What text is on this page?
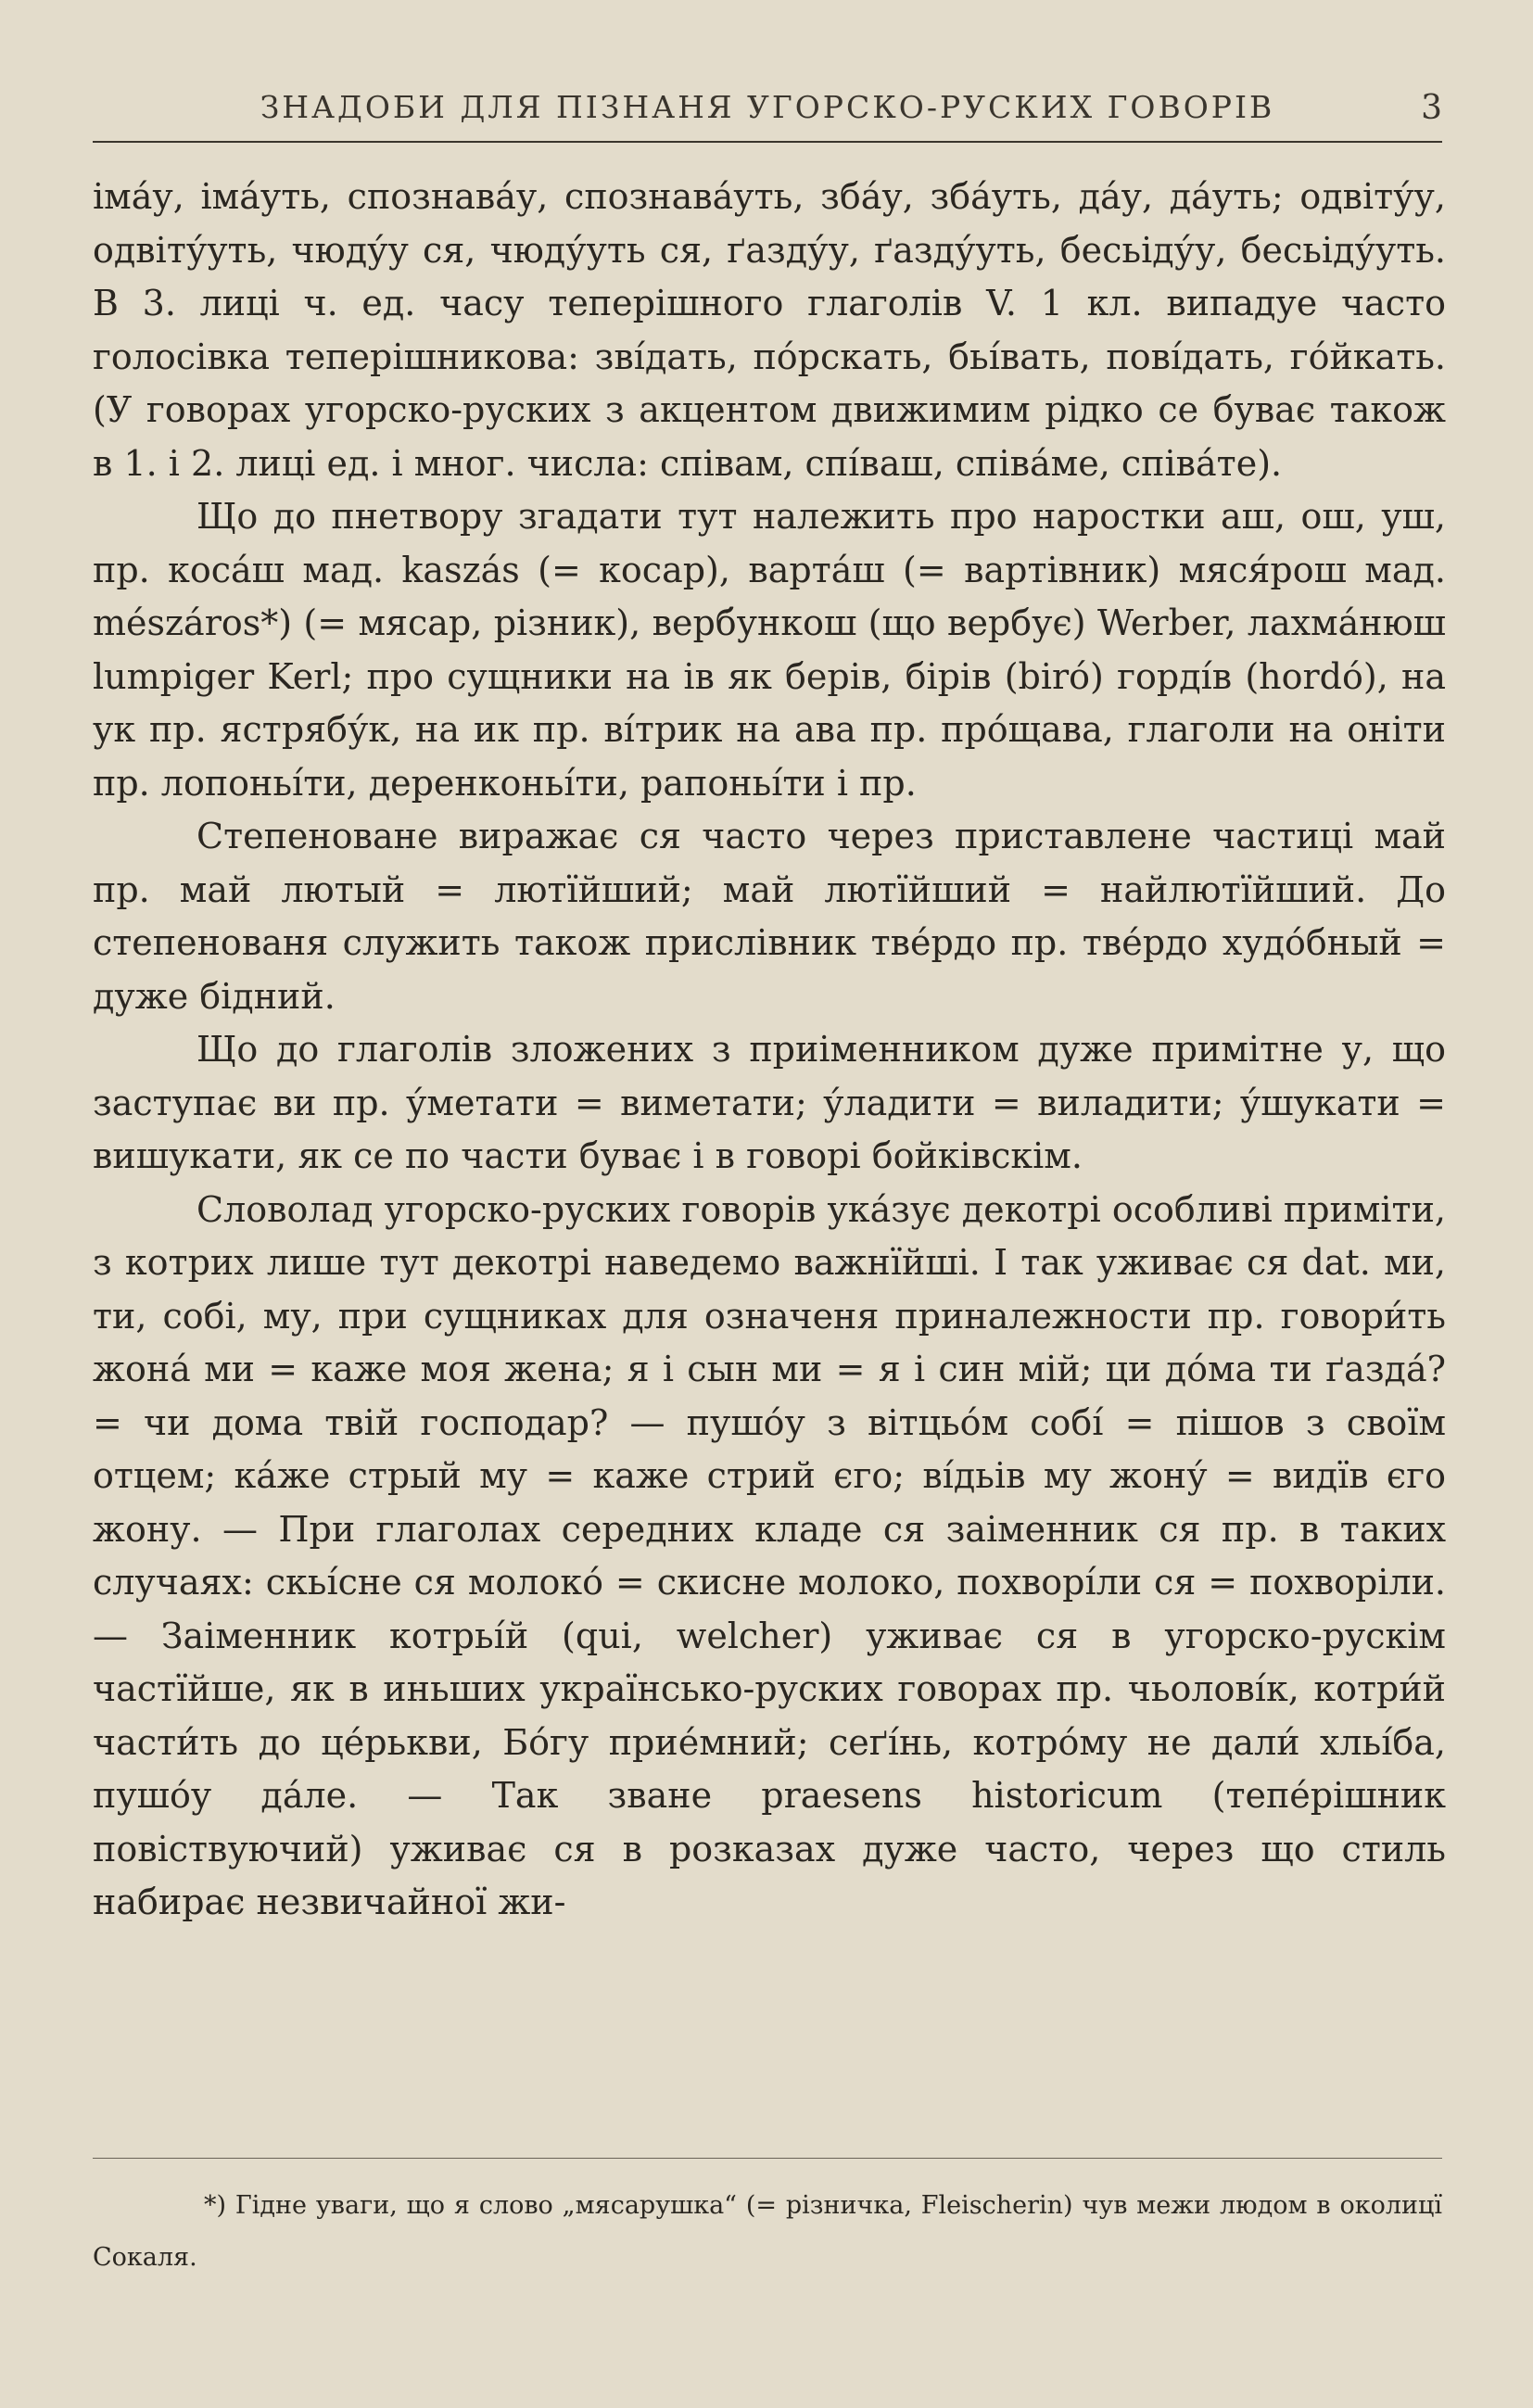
ЗНАДОБИ ДЛЯ ПІЗНАНЯ УГОРСКО-РУСКИХ ГОВОРІВ	3

іма́у, іма́уть, спознава́у, спознава́уть, зба́у, зба́уть, да́у, да́уть; одвіту́у, одвіту́уть, чюду́у ся, чюду́уть ся, ґазду́у, ґазду́уть, бесьіду́у, бесьіду́уть. В 3. лиці ч. ед. часу теперішного глаголів V. 1 кл. випадуе часто голосівка теперішникова: зві́дать, по́рскать, бьі́вать, пові́дать, го́йкать. (У говорах угорско-руских з акцентом движимим рідко се буває також в 1. і 2. лиці ед. і мног. числа: співам, спі́ваш, співа́ме, співа́те).

Що до пнетвору згадати тут належить про наростки аш, ош, уш, пр. коса́ш мад. kaszás (= косар), варта́ш (= вартівник) мяся́рош мад. mészáros*) (= мясар, різник), верб́ункош (що вербує) Werber, лахма́нюш lumpiger Kerl; про сущники на ів як берів, бірів (biró) горді́в (hordó), на ук пр. ястрябу́к, на ик пр. ві́трик на ава пр. про́щава, глаголи на оніти пр. лопоньі́ти, деренконьі́ти, рапоньі́ти і пр.

Степеноване виражає ся часто через приставлене частиці май пр. май лютый = лютїйший; май лютїйший = найлютїйший. До степенованя служить також прислівник тве́рдо пр. тве́рдо худо́бный = дуже бідний.

Що до глаголів зложених з приіменником дуже примітне у, що заступає ви пр. у́метати = виметати; у́ладити = виладити; у́шукати = вишукати, як се по части буває і в говорі бойківскім.

Словолад угорско-руских говорів ука́зує декотрі особливі приміти, з котрих лише тут декотрі наведемо важнїйші. І так уживає ся dat. ми, ти, собі, му, при сущниках для означеня приналежности пр. говори́ть жона́ ми = каже моя жена; я і сын ми = я і син мій; ци до́ма ти ґазда́? = чи дома твій господар? — пушо́у з вітцьо́м собі́ = пішов з своїм отцем; ка́же стрый му = каже стрий єго; ві́дьів му жону́ = видїв єго жону. — При глаголах середних кладе ся заіменник ся пр. в таких случаях: скьі́сне ся молоко́ = скисне молоко, похворі́ли ся = похворіли. — Заіменник котрьі́й (qui, welcher) уживає ся в угорско-рускім частїйше, як в иньших українсько-руских говорах пр. чьолові́к, котри́й части́ть до це́рькви, Бо́гу прие́мний; сеґі́нь, котро́му не дали́ хльі́ба, пушо́у да́ле. — Так зване praesens historicum (тепе́рішник повіствуючий) уживає ся в розказах дуже часто, через що стиль набирає незвичайної жи-

*) Гідне уваги, що я слово „мясарушка“ (= різничка, Fleischerin) чув межи людом в околицї Сокаля.
